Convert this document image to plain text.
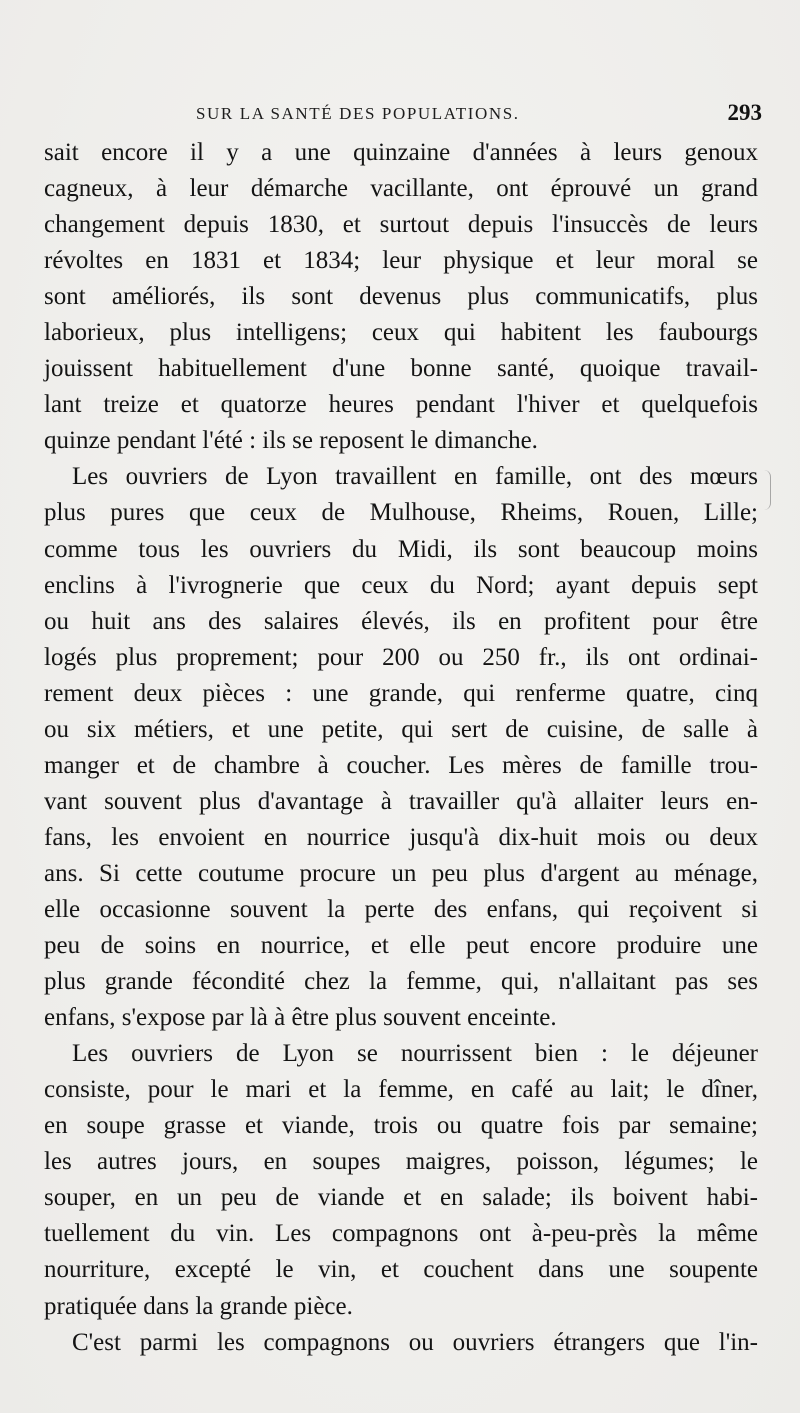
SUR LA SANTÉ DES POPULATIONS.	293
sait encore il y a une quinzaine d'années à leurs genoux
cagneux, à leur démarche vacillante, ont éprouvé un grand
changement depuis 1830, et surtout depuis l'insuccès de leurs
révoltes en 1831 et 1834; leur physique et leur moral se
sont améliorés, ils sont devenus plus communicatifs, plus
laborieux, plus intelligens; ceux qui habitent les faubourgs
jouissent habituellement d'une bonne santé, quoique travail-
lant treize et quatorze heures pendant l'hiver et quelquefois
quinze pendant l'été : ils se reposent le dimanche.
Les ouvriers de Lyon travaillent en famille, ont des mœurs
plus pures que ceux de Mulhouse, Rheims, Rouen, Lille;
comme tous les ouvriers du Midi, ils sont beaucoup moins
enclins à l'ivrognerie que ceux du Nord; ayant depuis sept
ou huit ans des salaires élevés, ils en profitent pour être
logés plus proprement; pour 200 ou 250 fr., ils ont ordinai-
rement deux pièces : une grande, qui renferme quatre, cinq
ou six métiers, et une petite, qui sert de cuisine, de salle à
manger et de chambre à coucher. Les mères de famille trou-
vant souvent plus d'avantage à travailler qu'à allaiter leurs en-
fans, les envoient en nourrice jusqu'à dix-huit mois ou deux
ans. Si cette coutume procure un peu plus d'argent au ménage,
elle occasionne souvent la perte des enfans, qui reçoivent si
peu de soins en nourrice, et elle peut encore produire une
plus grande fécondité chez la femme, qui, n'allaitant pas ses
enfans, s'expose par là à être plus souvent enceinte.
Les ouvriers de Lyon se nourrissent bien : le déjeuner
consiste, pour le mari et la femme, en café au lait; le dîner,
en soupe grasse et viande, trois ou quatre fois par semaine;
les autres jours, en soupes maigres, poisson, légumes; le
souper, en un peu de viande et en salade; ils boivent habi-
tuellement du vin. Les compagnons ont à-peu-près la même
nourriture, excepté le vin, et couchent dans une soupente
pratiquée dans la grande pièce.
C'est parmi les compagnons ou ouvriers étrangers que l'in-
